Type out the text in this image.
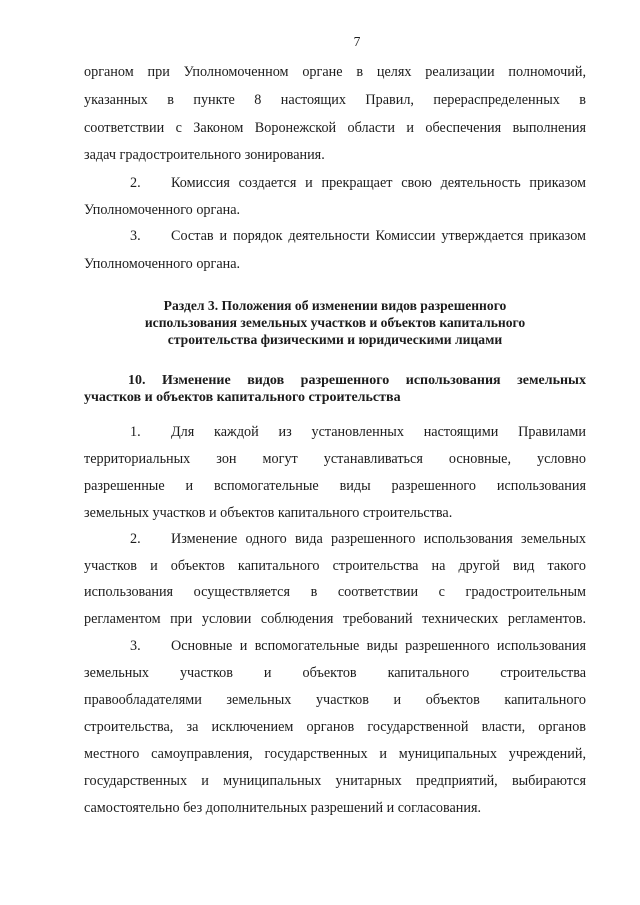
7
органом при Уполномоченном органе в целях реализации полномочий,
указанных в пункте 8 настоящих Правил, перераспределенных в
соответствии с Законом Воронежской области и обеспечения выполнения
задач градостроительного зонирования.
2. Комиссия создается и прекращает свою деятельность приказом
Уполномоченного органа.
3. Состав и порядок деятельности Комиссии утверждается приказом
Уполномоченного органа.
Раздел 3. Положения об изменении видов разрешенного
использования земельных участков и объектов капитального
строительства физическими и юридическими лицами
10. Изменение видов разрешенного использования земельных
участков и объектов капитального строительства
1. Для каждой из установленных настоящими Правилами
территориальных зон могут устанавливаться основные, условно
разрешенные и вспомогательные виды разрешенного использования
земельных участков и объектов капитального строительства.
2. Изменение одного вида разрешенного использования земельных
участков и объектов капитального строительства на другой вид такого
использования осуществляется в соответствии с градостроительным
регламентом при условии соблюдения требований технических регламентов.
3. Основные и вспомогательные виды разрешенного использования
земельных участков и объектов капитального строительства
правообладателями земельных участков и объектов капитального
строительства, за исключением органов государственной власти, органов
местного самоуправления, государственных и муниципальных учреждений,
государственных и муниципальных унитарных предприятий, выбираются
самостоятельно без дополнительных разрешений и согласования.
